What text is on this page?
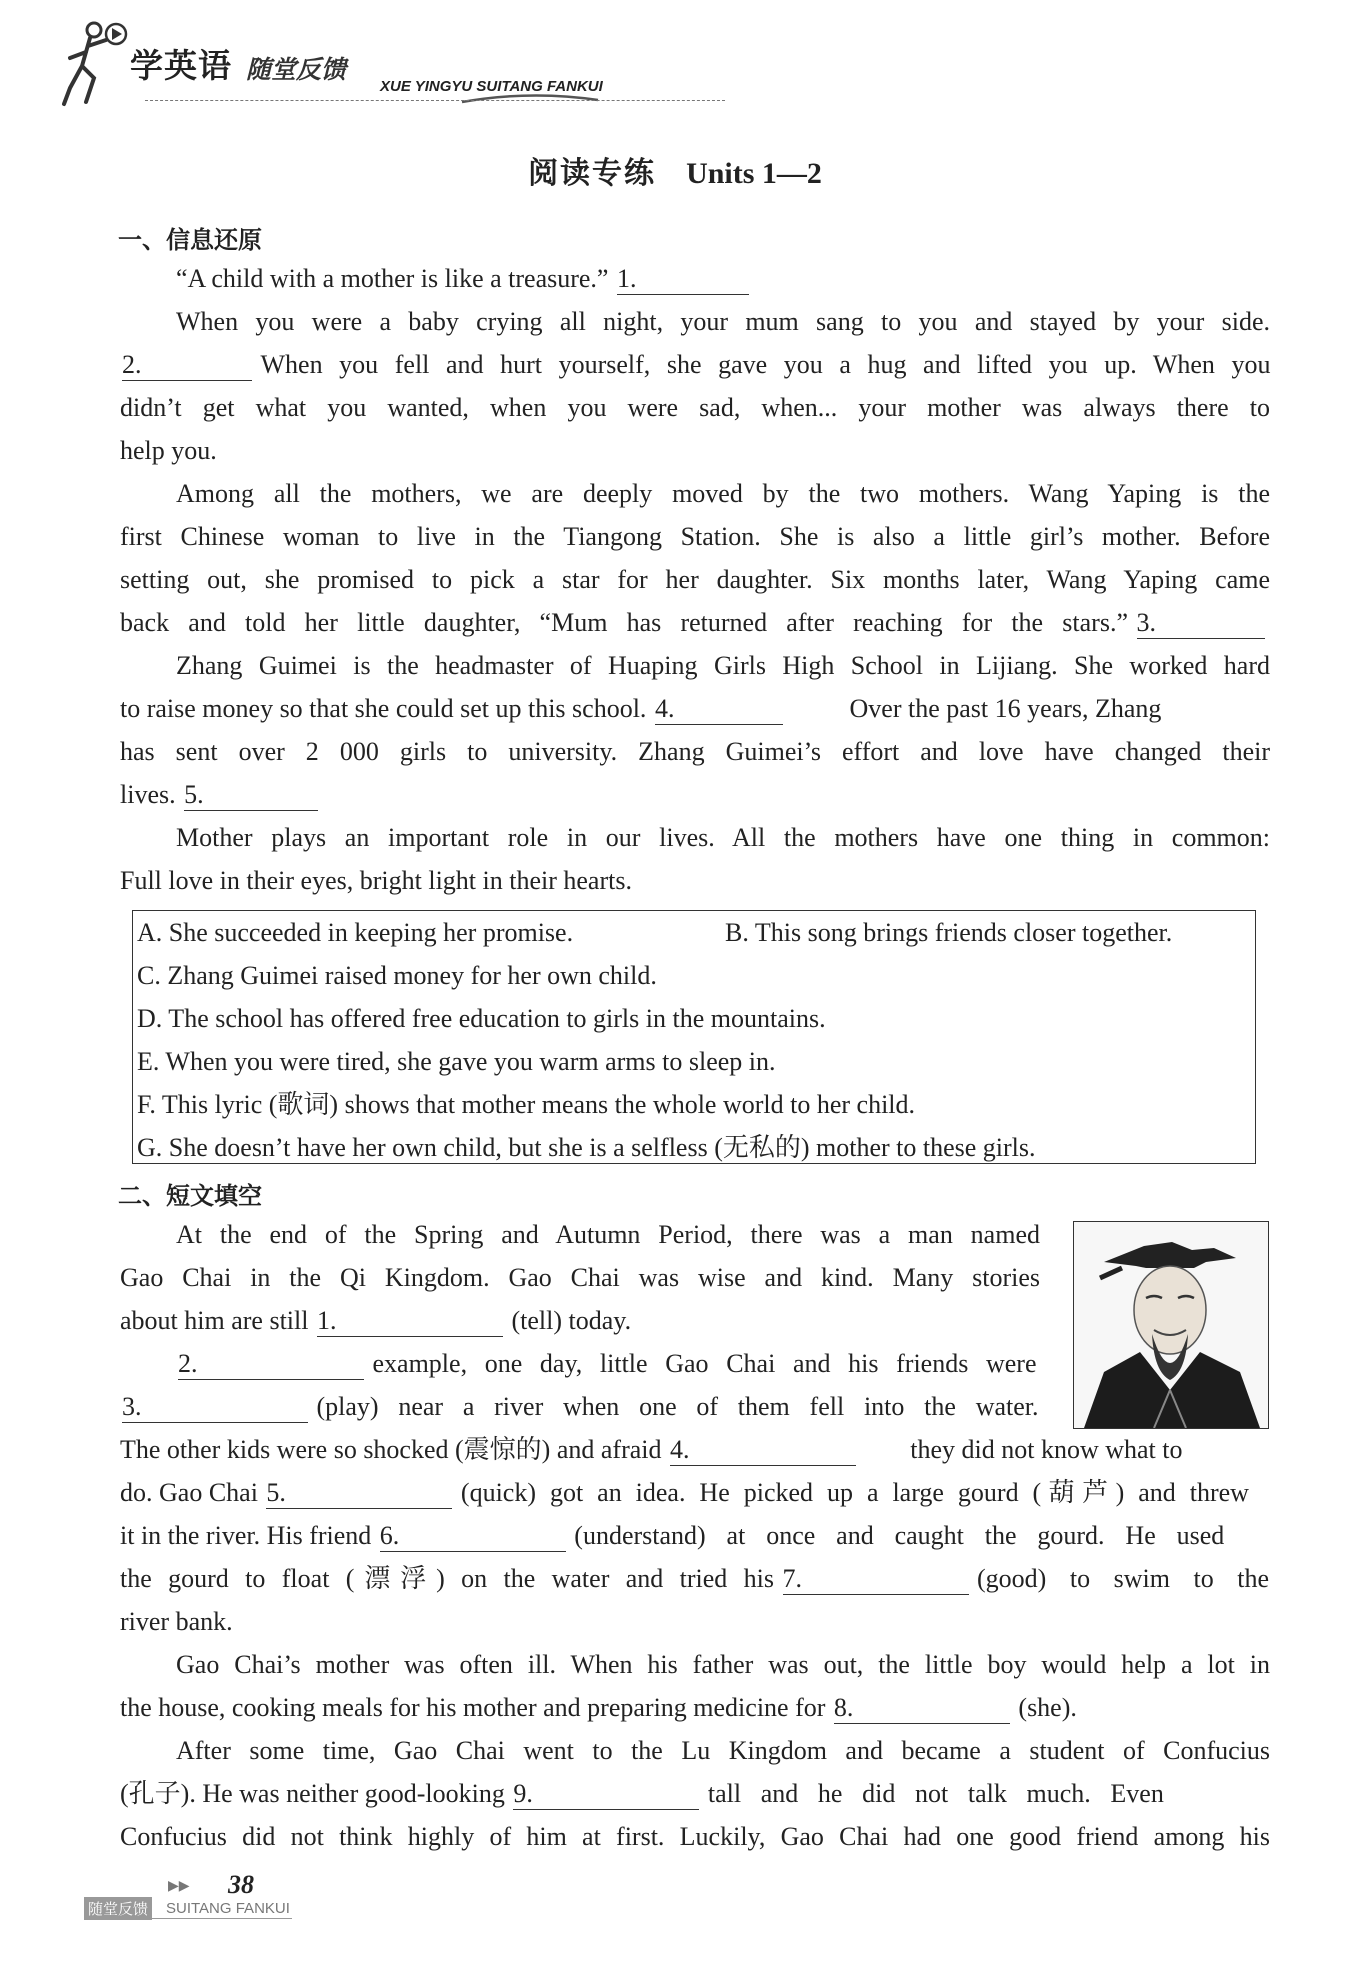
学英语 随堂反馈
XUE YINGYU SUITANG FANKUI
阅读专练 Units 1—2
一、信息还原
“A child with a mother is like a treasure.” 1.
When you were a baby crying all night, your mum sang to you and stayed by your side.
2.	When you fell and hurt yourself, she gave you a hug and lifted you up. When you
didn’t get what you wanted, when you were sad, when... your mother was always there to
help you.
Among all the mothers, we are deeply moved by the two mothers. Wang Yaping is the
first Chinese woman to live in the Tiangong Station. She is also a little girl’s mother. Before
setting out, she promised to pick a star for her daughter. Six months later, Wang Yaping came
back and told her little daughter, “Mum has returned after reaching for the stars.” 3.
Zhang Guimei is the headmaster of Huaping Girls High School in Lijiang. She worked hard
to raise money so that she could set up this school. 4.	Over the past 16 years, Zhang
has sent over 2 000 girls to university. Zhang Guimei’s effort and love have changed their
lives. 5.
Mother plays an important role in our lives. All the mothers have one thing in common:
Full love in their eyes, bright light in their hearts.
A. She succeeded in keeping her promise.	B. This song brings friends closer together.
C. Zhang Guimei raised money for her own child.
D. The school has offered free education to girls in the mountains.
E. When you were tired, she gave you warm arms to sleep in.
F. This lyric (歌词) shows that mother means the whole world to her child.
G. She doesn’t have her own child, but she is a selfless (无私的) mother to these girls.
二、短文填空
At the end of the Spring and Autumn Period, there was a man named
Gao Chai in the Qi Kingdom. Gao Chai was wise and kind. Many stories
about him are still 1.	(tell) today.
2.	example, one day, little Gao Chai and his friends were
3.	(play) near a river when one of them fell into the water.
The other kids were so shocked (震惊的) and afraid 4.	they did not know what to
do. Gao Chai 5.	(quick) got an idea. He picked up a large gourd (葫芦) and threw
it in the river. His friend 6.	(understand) at once and caught the gourd. He used
the gourd to float (漂浮) on the water and tried his 7.	(good) to swim to the
river bank.
Gao Chai’s mother was often ill. When his father was out, the little boy would help a lot in
the house, cooking meals for his mother and preparing medicine for 8.	(she).
After some time, Gao Chai went to the Lu Kingdom and became a student of Confucius
(孔子). He was neither good-looking 9.	tall and he did not talk much. Even
Confucius did not think highly of him at first. Luckily, Gao Chai had one good friend among his
▶▶ 38
随堂反馈 SUITANG FANKUI
